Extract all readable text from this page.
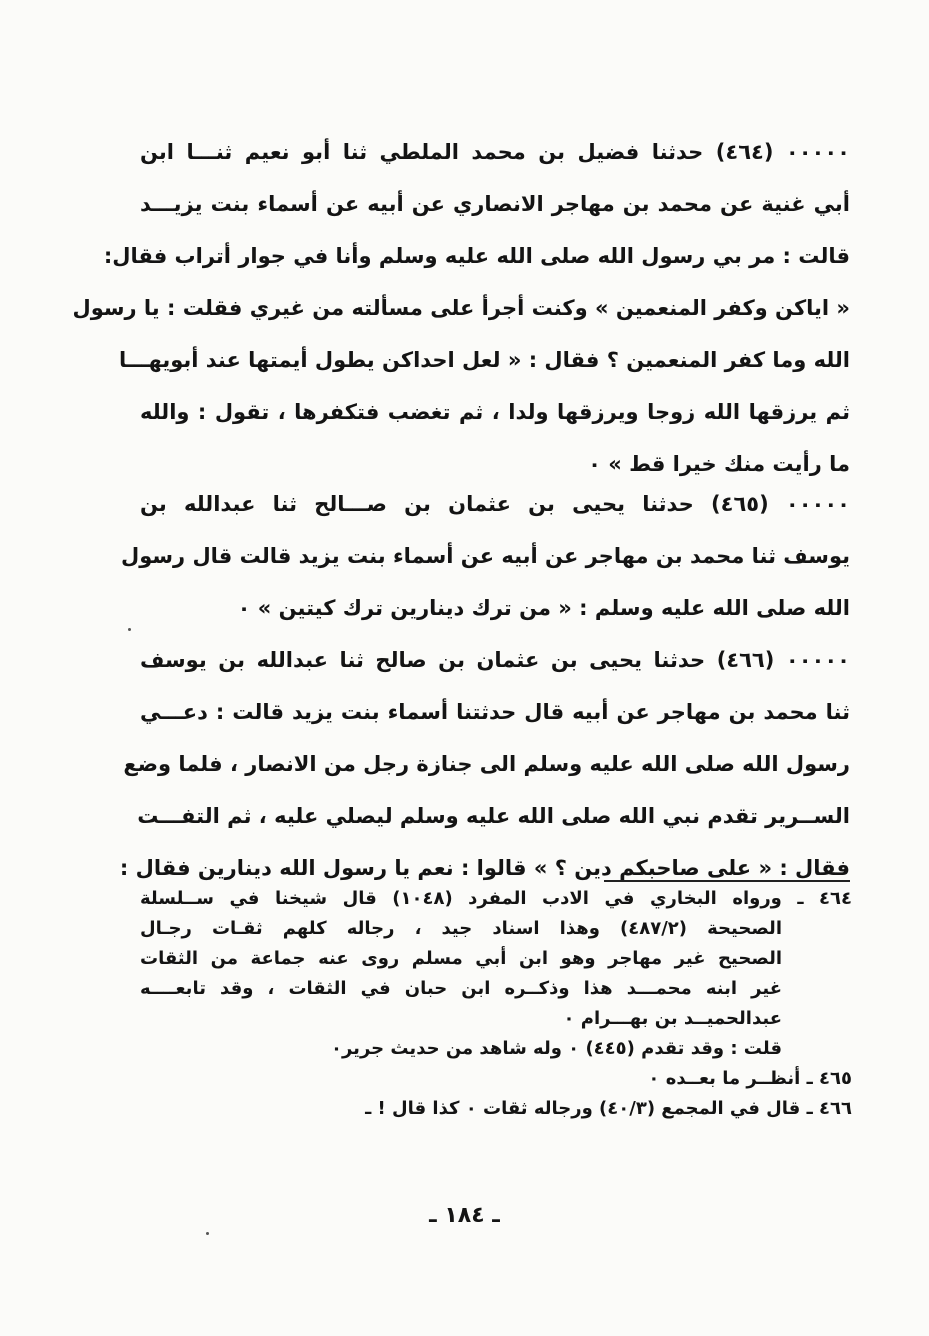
٠٠٠٠٠ (٤٦٤) حدثنا فضيل بن محمد الملطي ثنا أبو نعيم ثنـــا ابن
أبي غنية عن محمد بن مهاجر الانصاري عن أبيه عن أسماء بنت يزيـــد
قالت : مر بي رسول الله صلى الله عليه وسلم وأنا في جوار أتراب فقال:
« اياكن وكفر المنعمين » وكنت أجرأ على مسألته من غيري فقلت : يا رسول
الله وما كفر المنعمين ؟ فقال : « لعل احداكن يطول أيمتها عند أبويهـــا
ثم يرزقها الله زوجا ويرزقها ولدا ، ثم تغضب فتكفرها ، تقول : والله
ما رأيت منك خيرا قط » ٠
٠٠٠٠٠ (٤٦٥) حدثنا يحيى بن عثمان بن صـــالح ثنا عبدالله بن
يوسف ثنا محمد بن مهاجر عن أبيه عن أسماء بنت يزيد قالت قال رسول
الله صلى الله عليه وسلم : « من ترك دينارين ترك كيتين » ٠
٠٠٠٠٠ (٤٦٦) حدثنا يحيى بن عثمان بن صالح ثنا عبدالله بن يوسف
ثنا محمد بن مهاجر عن أبيه قال حدثتنا أسماء بنت يزيد قالت : دعـــي
رسول الله صلى الله عليه وسلم الى جنازة رجل من الانصار ، فلما وضع
الســرير تقدم نبي الله صلى الله عليه وسلم ليصلي عليه ، ثم التفـــت
فقال : « على صاحبكم دين ؟ » قالوا : نعم يا رسول الله دينارين فقال :
٤٦٤ ـ ورواه البخاري في الادب المفرد (١٠٤٨) قال شيخنا في ســلسلة
الصحيحة (٤٨٧/٢) وهذا اسناد جيد ، رجاله كلهم ثقـات رجـال
الصحيح غير مهاجر وهو ابن أبي مسلم روى عنه جماعة من الثقات
غير ابنه محمـــد هذا وذكــره ابن حبان في الثقات ، وقد تابعــــه
عبدالحميــد بن بهـــرام ٠
قلت : وقد تقدم (٤٤٥) ٠ وله شاهد من حديث جرير٠
٤٦٥ ـ أنظــر ما بعــده ٠
٤٦٦ ـ قال في المجمع (٤٠/٣) ورجاله ثقات ٠ كذا قال ! ـ
ـ ١٨٤ ـ
